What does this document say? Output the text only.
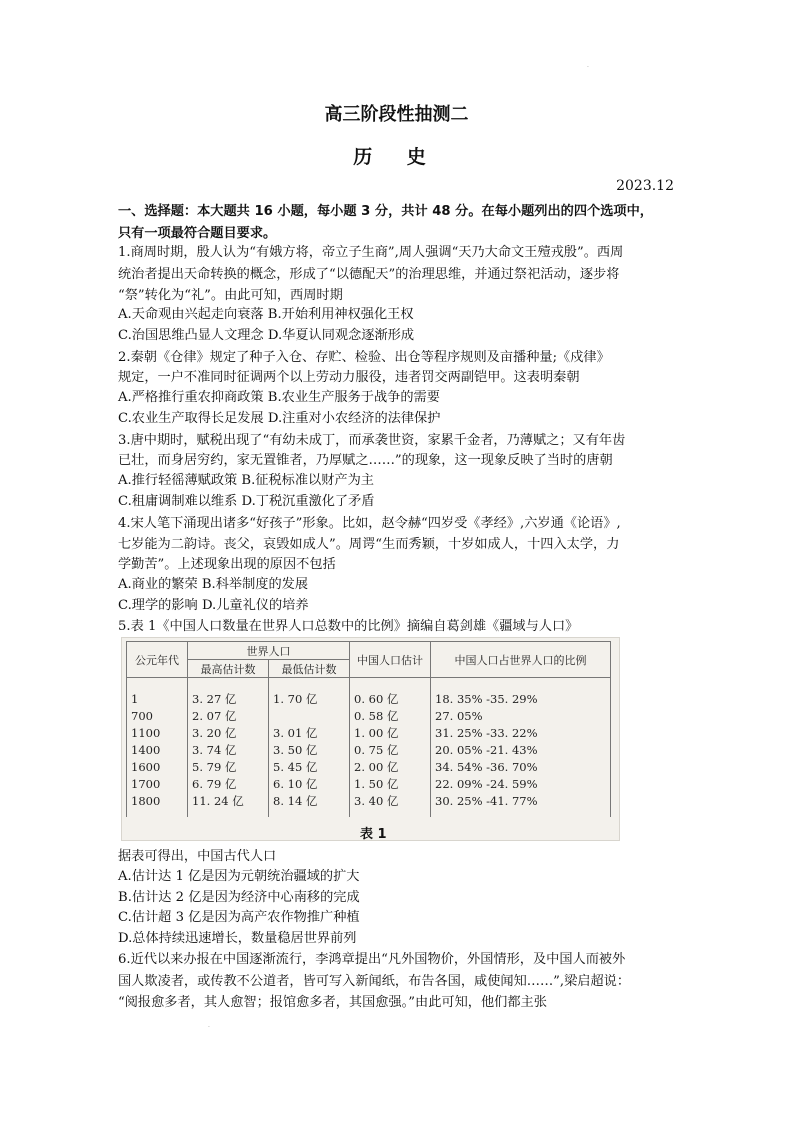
·
高三阶段性抽测二
历 史
2023.12
一、选择题：本大题共 16 小题，每小题 3 分，共计 48 分。在每小题列出的四个选项中，
只有一项最符合题目要求。
1.商周时期，殷人认为“有娥方将，帝立子生商”,周人强调“天乃大命文王殪戎殷”。西周
统治者提出天命转换的概念，形成了“以德配天”的治理思维，并通过祭祀活动，逐步将
“祭”转化为“礼”。由此可知，西周时期
A.天命观由兴起走向衰落 B.开始利用神权强化王权
C.治国思维凸显人文理念 D.华夏认同观念逐渐形成
2.秦朝《仓律》规定了种子入仓、存贮、检验、出仓等程序规则及亩播种量;《戍律》
规定，一户不准同时征调两个以上劳动力服役，违者罚交两副铠甲。这表明秦朝
A.严格推行重农抑商政策 B.农业生产服务于战争的需要
C.农业生产取得长足发展 D.注重对小农经济的法律保护
3.唐中期时，赋税出现了“有幼未成丁，而承袭世资，家累千金者，乃薄赋之；又有年齿
已壮，而身居穷约，家无置锥者，乃厚赋之……”的现象，这一现象反映了当时的唐朝
A.推行轻徭薄赋政策 B.征税标准以财产为主
C.租庸调制难以维系 D.丁税沉重激化了矛盾
4.宋人笔下涌现出诸多“好孩子”形象。比如，赵令赫“四岁受《孝经》,六岁通《论语》,
七岁能为二韵诗。丧父，哀毁如成人”。周谔“生而秀颖，十岁如成人，十四入太学，力
学勤苦”。上述现象出现的原因不包括
A.商业的繁荣 B.科举制度的发展
C.理学的影响 D.儿童礼仪的培养
5.表 1《中国人口数量在世界人口总数中的比例》摘编自葛剑雄《疆域与人口》
公元年代	世界人口		中国人口估计	中国人口占世界人口的比例
	最高估计数	最低估计数		
1	3. 27 亿	1. 70 亿	0. 60 亿	18. 35% -35. 29%
700	2. 07 亿		0. 58 亿	27. 05%
1100	3. 20 亿	3. 01 亿	1. 00 亿	31. 25% -33. 22%
1400	3. 74 亿	3. 50 亿	0. 75 亿	20. 05% -21. 43%
1600	5. 79 亿	5. 45 亿	2. 00 亿	34. 54% -36. 70%
1700	6. 79 亿	6. 10 亿	1. 50 亿	22. 09% -24. 59%
1800	11. 24 亿	8. 14 亿	3. 40 亿	30. 25% -41. 77%
表 1
据表可得出，中国古代人口
A.估计达 1 亿是因为元朝统治疆域的扩大
B.估计达 2 亿是因为经济中心南移的完成
C.估计超 3 亿是因为高产农作物推广种植
D.总体持续迅速增长，数量稳居世界前列
6.近代以来办报在中国逐渐流行，李鸿章提出“凡外国物价，外国情形，及中国人而被外
国人欺凌者，或传教不公道者，皆可写入新闻纸，布告各国，咸使闻知……”,梁启超说：
“阅报愈多者，其人愈智；报馆愈多者，其国愈强。”由此可知，他们都主张
·
